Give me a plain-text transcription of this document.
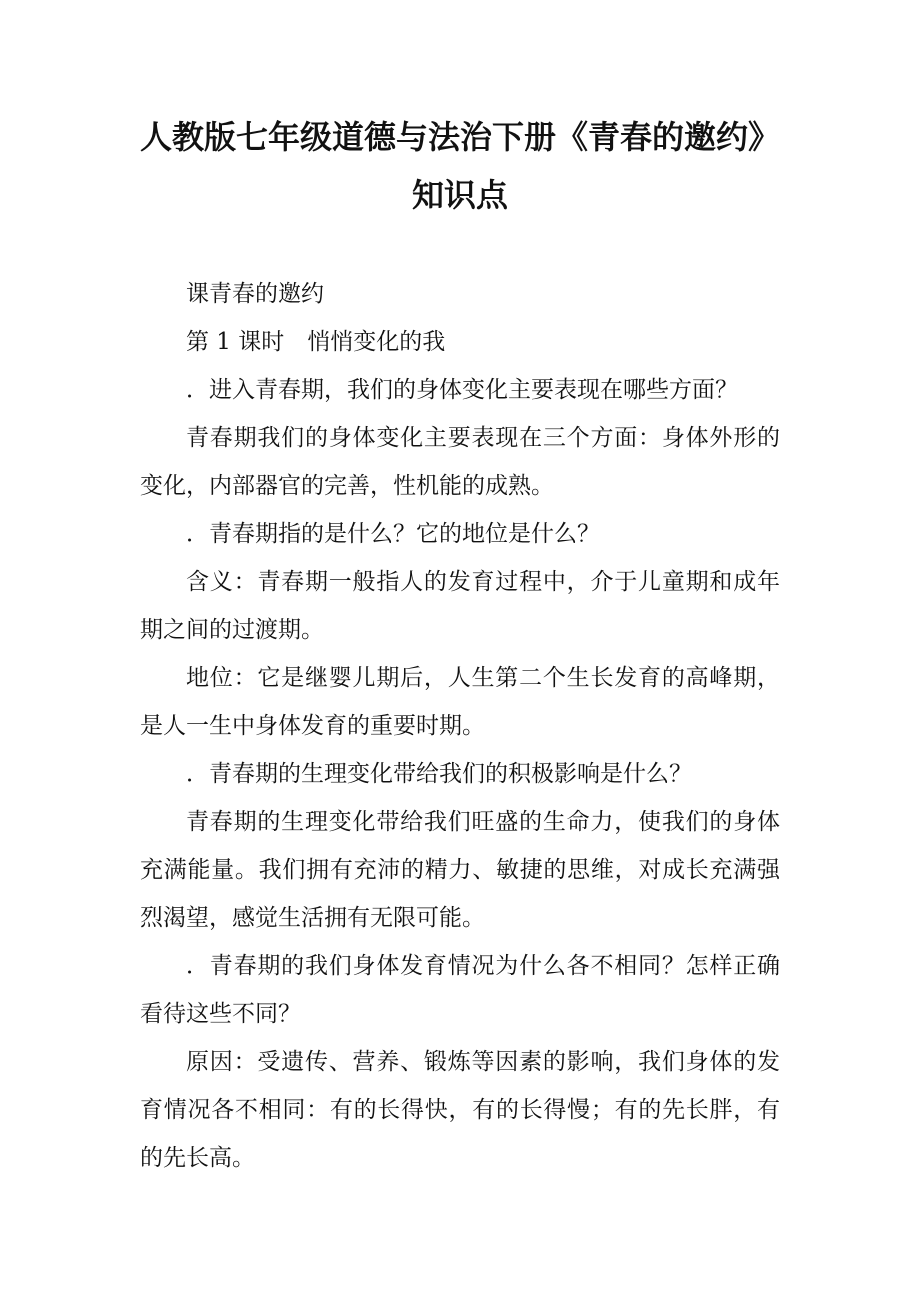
人教版七年级道德与法治下册《青春的邀约》
知识点

课青春的邀约

第 1 课时　悄悄变化的我

．进入青春期，我们的身体变化主要表现在哪些方面？

青春期我们的身体变化主要表现在三个方面：身体外形的变化，内部器官的完善，性机能的成熟。

．青春期指的是什么？它的地位是什么？

含义：青春期一般指人的发育过程中，介于儿童期和成年期之间的过渡期。

地位：它是继婴儿期后，人生第二个生长发育的高峰期，是人一生中身体发育的重要时期。

．青春期的生理变化带给我们的积极影响是什么？

青春期的生理变化带给我们旺盛的生命力，使我们的身体充满能量。我们拥有充沛的精力、敏捷的思维，对成长充满强烈渴望，感觉生活拥有无限可能。

．青春期的我们身体发育情况为什么各不相同？怎样正确看待这些不同？

原因：受遗传、营养、锻炼等因素的影响，我们身体的发育情况各不相同：有的长得快，有的长得慢；有的先长胖，有的先长高。
